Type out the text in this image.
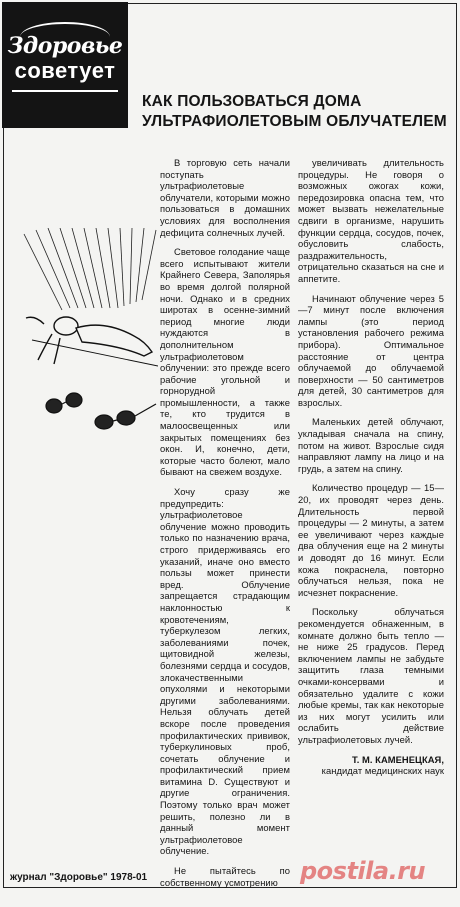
Здоровье
советует
КАК ПОЛЬЗОВАТЬСЯ ДОМА УЛЬТРАФИОЛЕТОВЫМ ОБЛУЧАТЕЛЕМ

В торговую сеть начали поступать ультрафиолетовые облучатели, которыми можно пользоваться в домашних условиях для восполнения дефицита солнечных лучей.

Световое голодание чаще всего испытывают жители Крайнего Севера, Заполярья во время долгой полярной ночи. Однако и в средних широтах в осенне-зимний период многие люди нуждаются в дополнительном ультрафиолетовом облучении: это прежде всего рабочие угольной и горнорудной промышленности, а также те, кто трудится в малоосвещенных или закрытых помещениях без окон. И, конечно, дети, которые часто болеют, мало бывают на свежем воздухе.

Хочу сразу же предупредить: ультрафиолетовое облучение можно проводить только по назначению врача, строго придерживаясь его указаний, иначе оно вместо пользы может принести вред. Облучение запрещается страдающим наклонностью к кровотечениям, туберкулезом легких, заболеваниями почек, щитовидной железы, болезнями сердца и сосудов, злокачественными опухолями и некоторыми другими заболеваниями. Нельзя облучать детей вскоре после проведения профилактических прививок, туберкулиновых проб, сочетать облучение и профилактический прием витамина D. Существуют и другие ограничения. Поэтому только врач может решить, полезно ли в данный момент ультрафиолетовое облучение.

Не пытайтесь по собственному усмотрению

увеличивать длительность процедуры. Не говоря о возможных ожогах кожи, передозировка опасна тем, что может вызвать нежелательные сдвиги в организме, нарушить функции сердца, сосудов, почек, обусловить слабость, раздражительность, отрицательно сказаться на сне и аппетите.

Начинают облучение через 5—7 минут после включения лампы (это период установления рабочего режима прибора). Оптимальное расстояние от центра облучаемой до облучаемой поверхности — 50 сантиметров для детей, 30 сантиметров для взрослых.

Маленьких детей облучают, укладывая сначала на спину, потом на живот. Взрослые сидя направляют лампу на лицо и на грудь, а затем на спину.

Количество процедур — 15—20, их проводят через день. Длительность первой процедуры — 2 минуты, а затем ее увеличивают через каждые два облучения еще на 2 минуты и доводят до 16 минут. Если кожа покраснела, повторно облучаться нельзя, пока не исчезнет покраснение.

Поскольку облучаться рекомендуется обнаженным, в комнате должно быть тепло — не ниже 25 градусов. Перед включением лампы не забудьте защитить глаза темными очками-консервами и обязательно удалите с кожи любые кремы, так как некоторые из них могут усилить или ослабить действие ультрафиолетовых лучей.

Т. М. КАМЕНЕЦКАЯ,
кандидат медицинских наук
журнал "Здоровье" 1978-01	postila.ru
